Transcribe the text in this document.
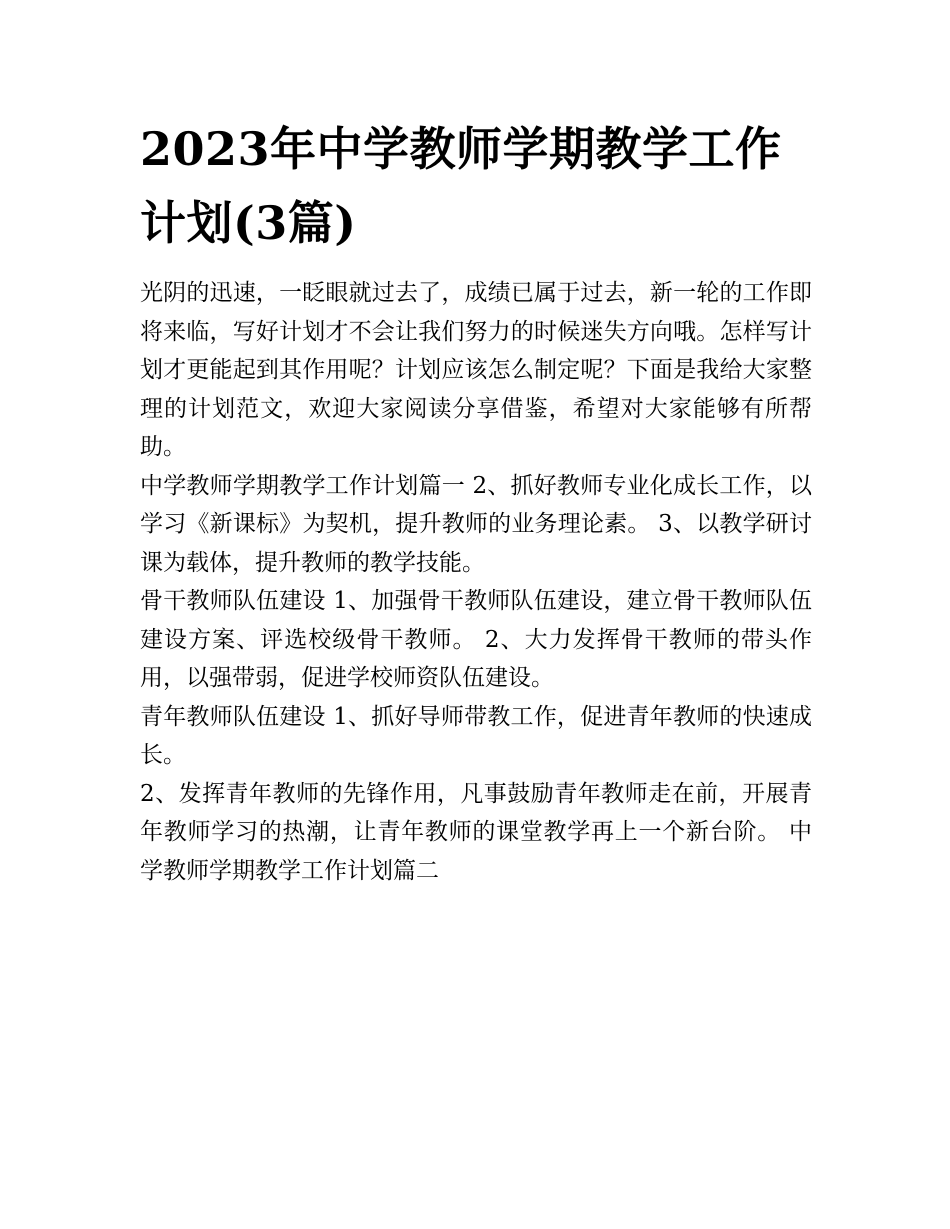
2023年中学教师学期教学工作计划(3篇)

光阴的迅速，一眨眼就过去了，成绩已属于过去，新一轮的工作即将来临，写好计划才不会让我们努力的时候迷失方向哦。怎样写计划才更能起到其作用呢？计划应该怎么制定呢？下面是我给大家整理的计划范文，欢迎大家阅读分享借鉴，希望对大家能够有所帮助。

中学教师学期教学工作计划篇一 2、抓好教师专业化成长工作，以学习《新课标》为契机，提升教师的业务理论素。 3、以教学研讨课为载体，提升教师的教学技能。

骨干教师队伍建设 1、加强骨干教师队伍建设，建立骨干教师队伍建设方案、评选校级骨干教师。 2、大力发挥骨干教师的带头作用，以强带弱，促进学校师资队伍建设。

青年教师队伍建设 1、抓好导师带教工作，促进青年教师的快速成长。

2、发挥青年教师的先锋作用，凡事鼓励青年教师走在前，开展青年教师学习的热潮，让青年教师的课堂教学再上一个新台阶。 中学教师学期教学工作计划篇二
